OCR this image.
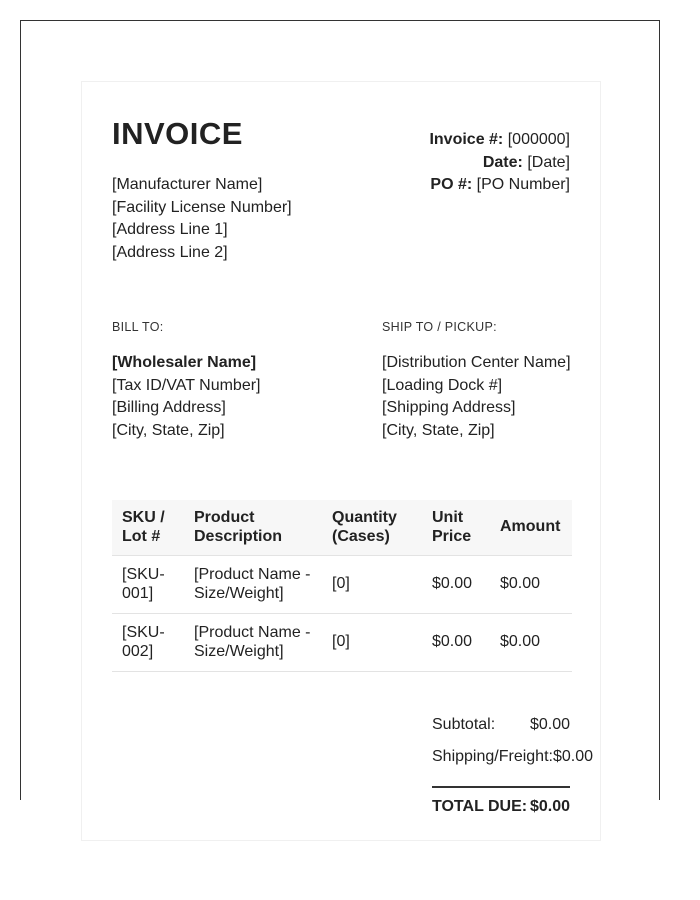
INVOICE
[Manufacturer Name]
[Facility License Number]
[Address Line 1]
[Address Line 2]
Invoice #: [000000]
Date: [Date]
PO #: [PO Number]
BILL TO:
[Wholesaler Name]
[Tax ID/VAT Number]
[Billing Address]
[City, State, Zip]
SHIP TO / PICKUP:
[Distribution Center Name]
[Loading Dock #]
[Shipping Address]
[City, State, Zip]
SKU / Lot #	Product Description	Quantity (Cases)	Unit Price	Amount
[SKU-001]	[Product Name - Size/Weight]	[0]	$0.00	$0.00
[SKU-002]	[Product Name - Size/Weight]	[0]	$0.00	$0.00
Subtotal: $0.00
Shipping/Freight: $0.00
TOTAL DUE: $0.00
